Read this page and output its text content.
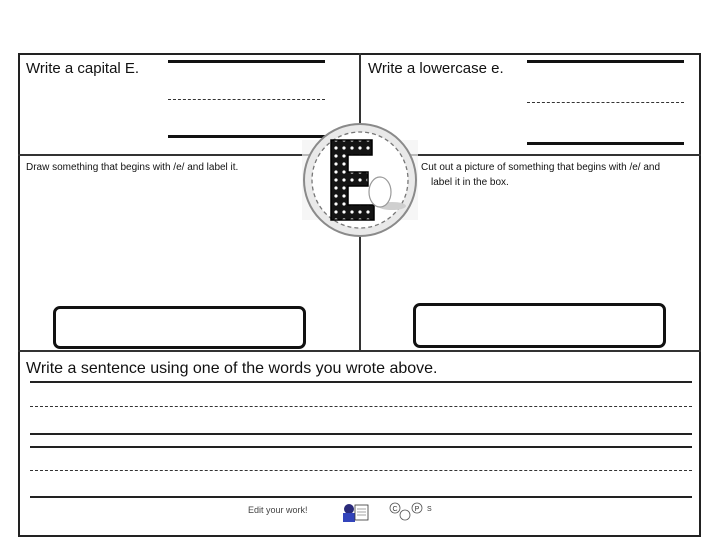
Write a capital E.	Write a lowercase e.
Draw something that begins with /e/ and label it.	Cut out a picture of something that begins with /e/ and
label it in the box.
Write a sentence using one of the words you wrote above.
Edit your work!	C P S
